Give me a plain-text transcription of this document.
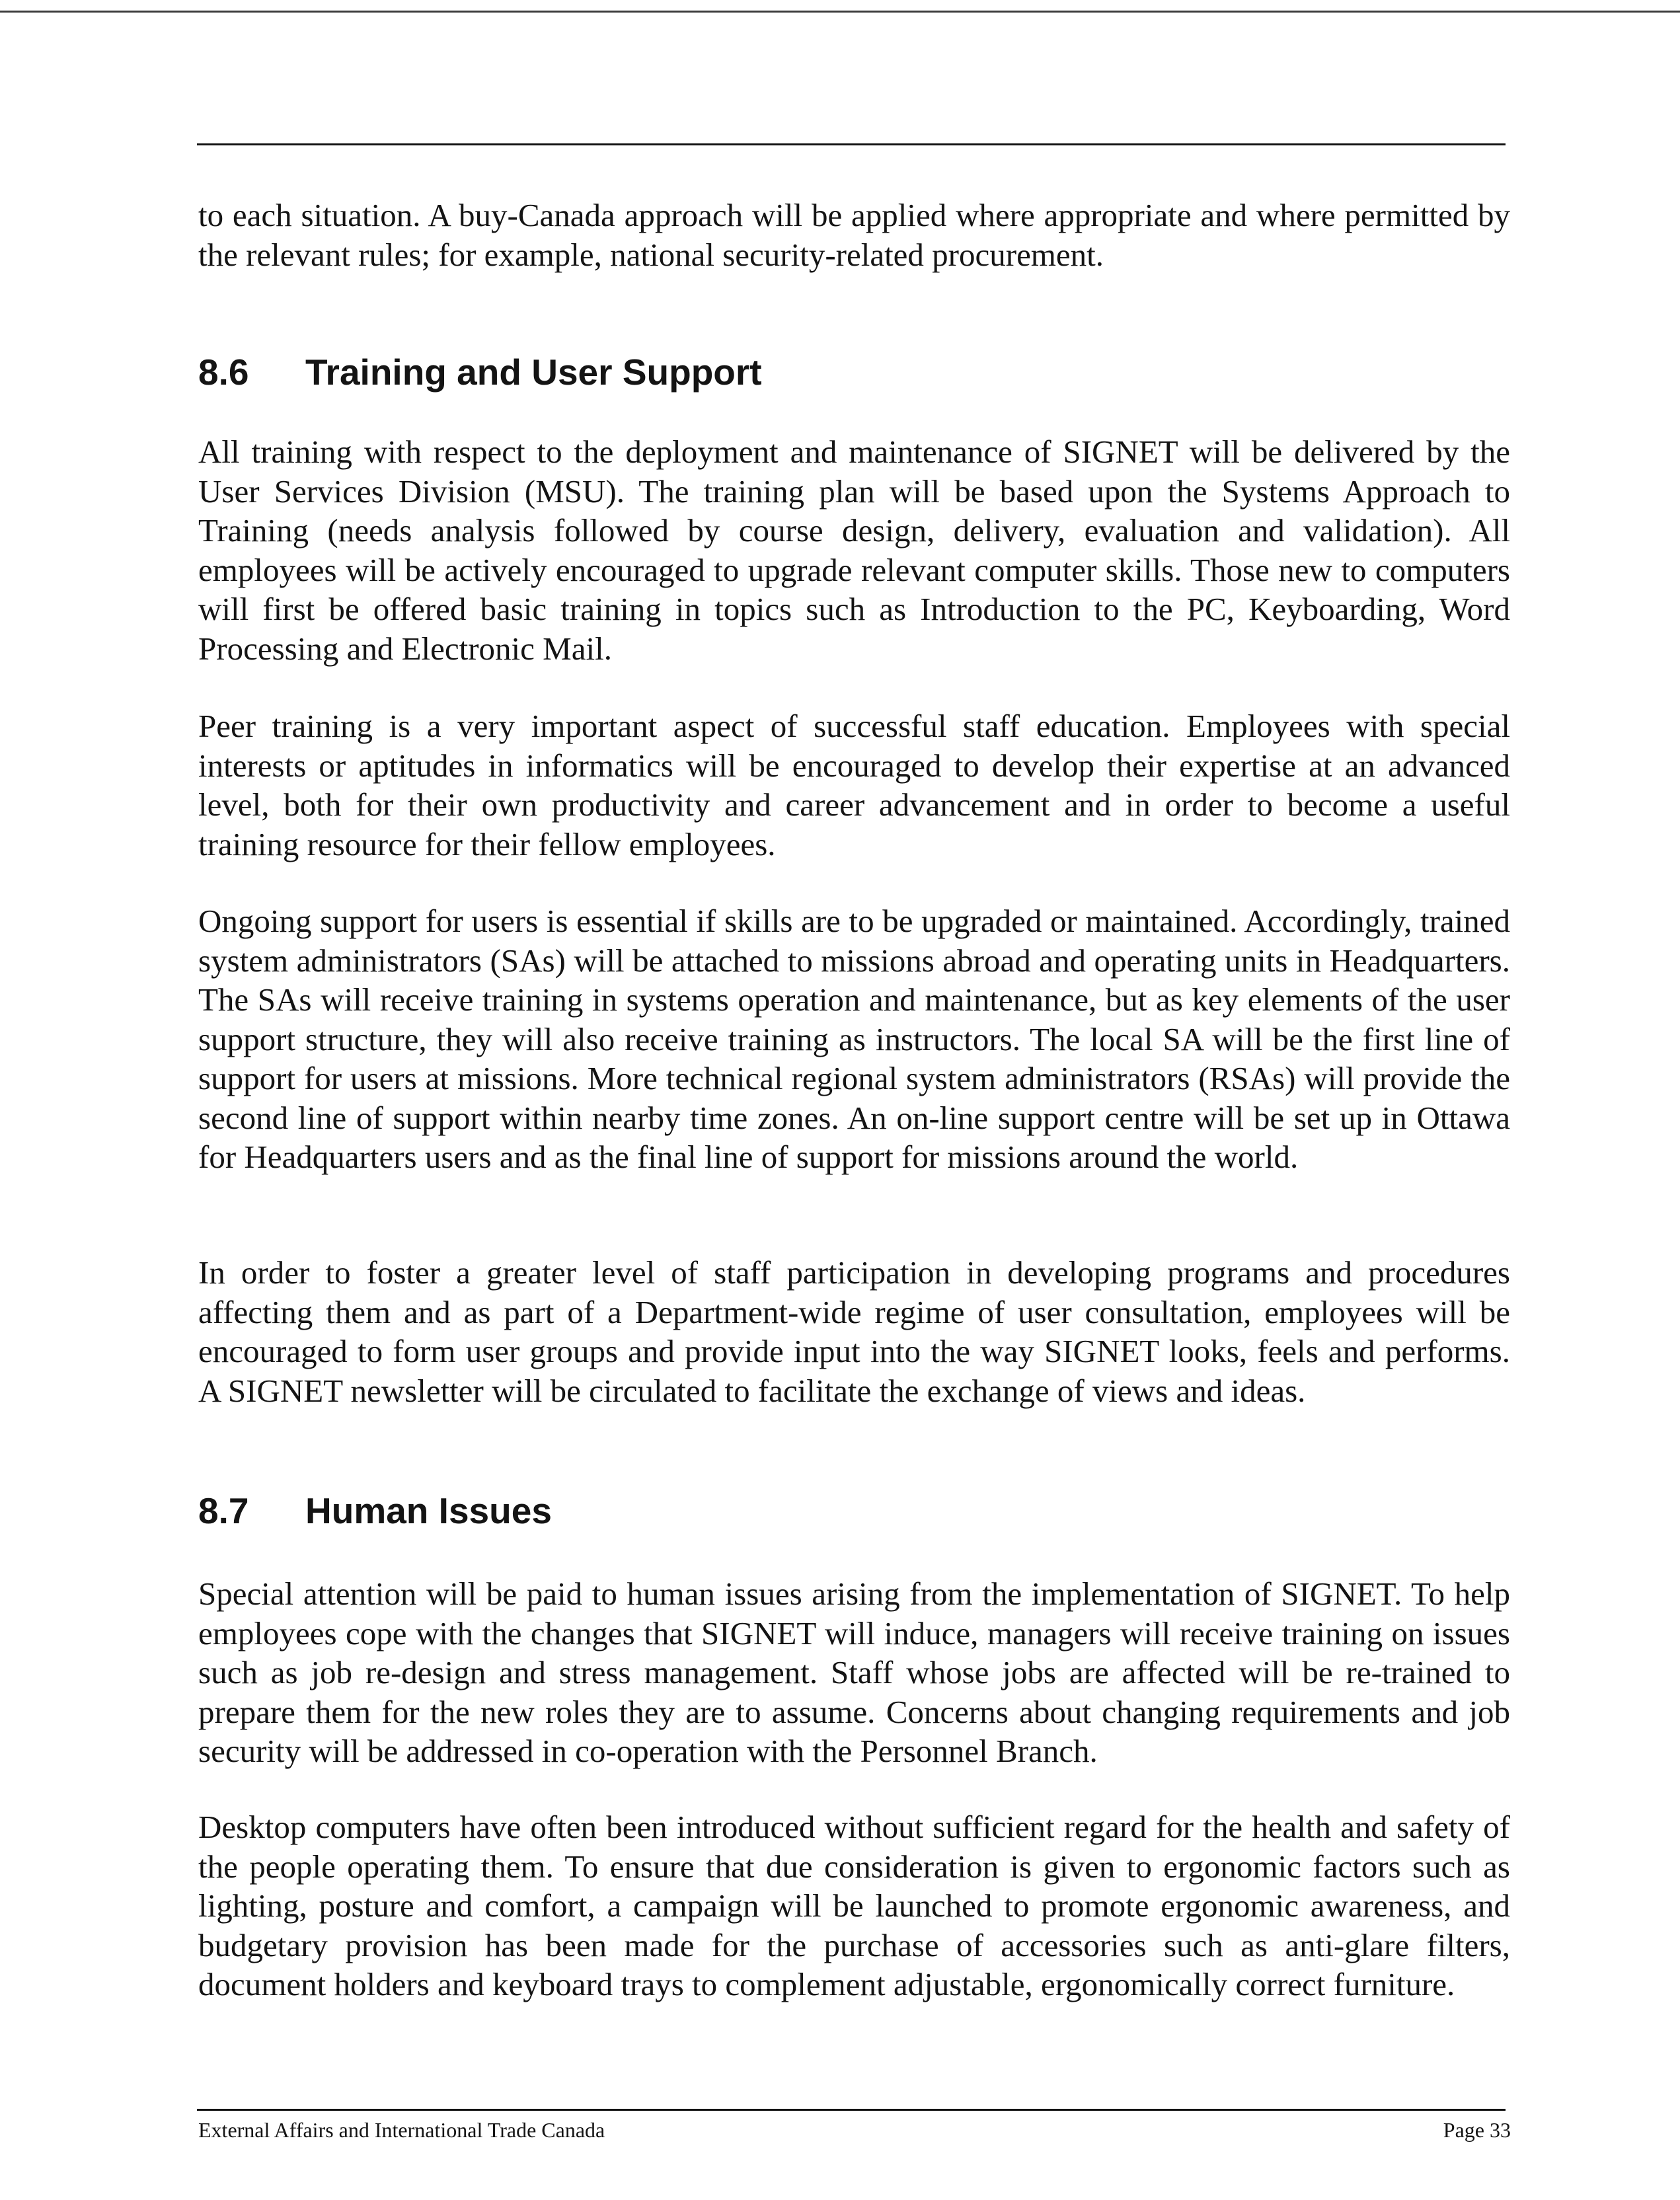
to each situation. A buy-Canada approach will be applied where appropriate and where permitted by the relevant rules; for example, national security-related procurement.

8.6 Training and User Support

All training with respect to the deployment and maintenance of SIGNET will be delivered by the User Services Division (MSU). The training plan will be based upon the Systems Approach to Training (needs analysis followed by course design, delivery, evaluation and validation). All employees will be actively encouraged to upgrade relevant computer skills. Those new to computers will first be offered basic training in topics such as Introduction to the PC, Keyboarding, Word Processing and Electronic Mail.

Peer training is a very important aspect of successful staff education. Employees with special interests or aptitudes in informatics will be encouraged to develop their expertise at an advanced level, both for their own productivity and career advancement and in order to become a useful training resource for their fellow employees.

Ongoing support for users is essential if skills are to be upgraded or maintained. Accordingly, trained system administrators (SAs) will be attached to missions abroad and operating units in Headquarters. The SAs will receive training in systems operation and maintenance, but as key elements of the user support structure, they will also receive training as instructors. The local SA will be the first line of support for users at missions. More technical regional system administrators (RSAs) will provide the second line of support within nearby time zones. An on-line support centre will be set up in Ottawa for Headquarters users and as the final line of support for missions around the world.

In order to foster a greater level of staff participation in developing programs and procedures affecting them and as part of a Department-wide regime of user consultation, employees will be encouraged to form user groups and provide input into the way SIGNET looks, feels and performs. A SIGNET newsletter will be circulated to facilitate the exchange of views and ideas.

8.7 Human Issues

Special attention will be paid to human issues arising from the implementation of SIGNET. To help employees cope with the changes that SIGNET will induce, managers will receive training on issues such as job re-design and stress management. Staff whose jobs are affected will be re-trained to prepare them for the new roles they are to assume. Concerns about changing requirements and job security will be addressed in co-operation with the Personnel Branch.

Desktop computers have often been introduced without sufficient regard for the health and safety of the people operating them. To ensure that due consideration is given to ergonomic factors such as lighting, posture and comfort, a campaign will be launched to promote ergonomic awareness, and budgetary provision has been made for the purchase of accessories such as anti-glare filters, document holders and keyboard trays to complement adjustable, ergonomically correct furniture.

External Affairs and International Trade Canada	Page 33
